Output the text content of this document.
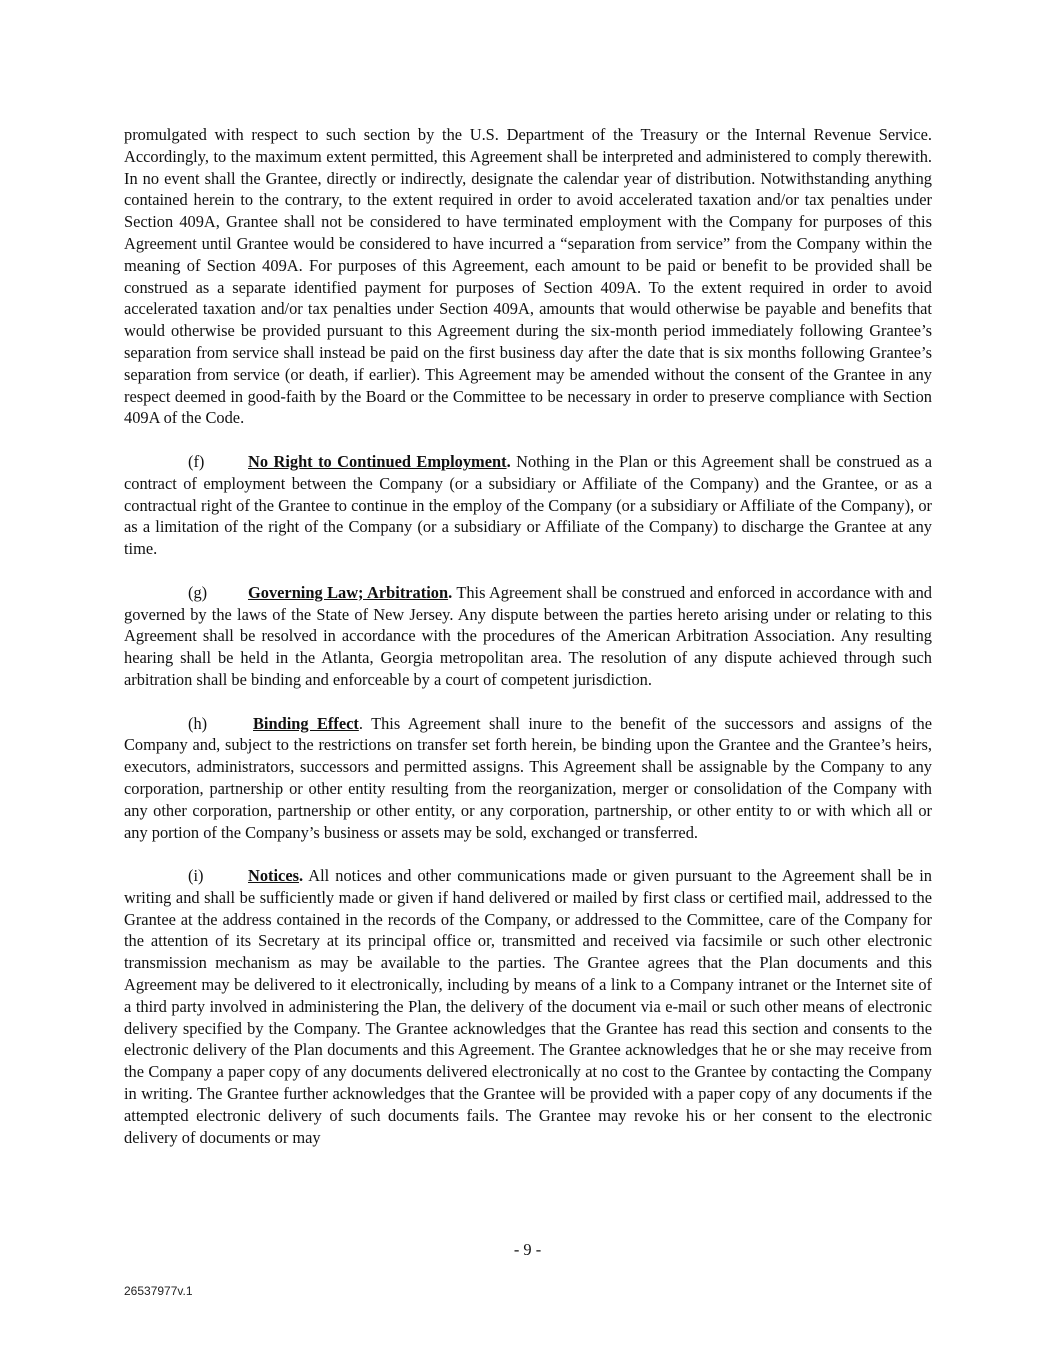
promulgated with respect to such section by the U.S. Department of the Treasury or the Internal Revenue Service. Accordingly, to the maximum extent permitted, this Agreement shall be interpreted and administered to comply therewith. In no event shall the Grantee, directly or indirectly, designate the calendar year of distribution. Notwithstanding anything contained herein to the contrary, to the extent required in order to avoid accelerated taxation and/or tax penalties under Section 409A, Grantee shall not be considered to have terminated employment with the Company for purposes of this Agreement until Grantee would be considered to have incurred a “separation from service” from the Company within the meaning of Section 409A. For purposes of this Agreement, each amount to be paid or benefit to be provided shall be construed as a separate identified payment for purposes of Section 409A. To the extent required in order to avoid accelerated taxation and/or tax penalties under Section 409A, amounts that would otherwise be payable and benefits that would otherwise be provided pursuant to this Agreement during the six-month period immediately following Grantee’s separation from service shall instead be paid on the first business day after the date that is six months following Grantee’s separation from service (or death, if earlier). This Agreement may be amended without the consent of the Grantee in any respect deemed in good-faith by the Board or the Committee to be necessary in order to preserve compliance with Section 409A of the Code.

(f)	No Right to Continued Employment. Nothing in the Plan or this Agreement shall be construed as a contract of employment between the Company (or a subsidiary or Affiliate of the Company) and the Grantee, or as a contractual right of the Grantee to continue in the employ of the Company (or a subsidiary or Affiliate of the Company), or as a limitation of the right of the Company (or a subsidiary or Affiliate of the Company) to discharge the Grantee at any time.

(g) Governing Law; Arbitration. This Agreement shall be construed and enforced in accordance with and governed by the laws of the State of New Jersey. Any dispute between the parties hereto arising under or relating to this Agreement shall be resolved in accordance with the procedures of the American Arbitration Association. Any resulting hearing shall be held in the Atlanta, Georgia metropolitan area. The resolution of any dispute achieved through such arbitration shall be binding and enforceable by a court of competent jurisdiction.

(h)	Binding Effect. This Agreement shall inure to the benefit of the successors and assigns of the Company and, subject to the restrictions on transfer set forth herein, be binding upon the Grantee and the Grantee’s heirs, executors, administrators, successors and permitted assigns. This Agreement shall be assignable by the Company to any corporation, partnership or other entity resulting from the reorganization, merger or consolidation of the Company with any other corporation, partnership or other entity, or any corporation, partnership, or other entity to or with which all or any portion of the Company’s business or assets may be sold, exchanged or transferred.

(i)	Notices. All notices and other communications made or given pursuant to the Agreement shall be in writing and shall be sufficiently made or given if hand delivered or mailed by first class or certified mail, addressed to the Grantee at the address contained in the records of the Company, or addressed to the Committee, care of the Company for the attention of its Secretary at its principal office or, transmitted and received via facsimile or such other electronic transmission mechanism as may be available to the parties. The Grantee agrees that the Plan documents and this Agreement may be delivered to it electronically, including by means of a link to a Company intranet or the Internet site of a third party involved in administering the Plan, the delivery of the document via e-mail or such other means of electronic delivery specified by the Company. The Grantee acknowledges that the Grantee has read this section and consents to the electronic delivery of the Plan documents and this Agreement. The Grantee acknowledges that he or she may receive from the Company a paper copy of any documents delivered electronically at no cost to the Grantee by contacting the Company in writing. The Grantee further acknowledges that the Grantee will be provided with a paper copy of any documents if the attempted electronic delivery of such documents fails. The Grantee may revoke his or her consent to the electronic delivery of documents or may

- 9 -
26537977v.1
